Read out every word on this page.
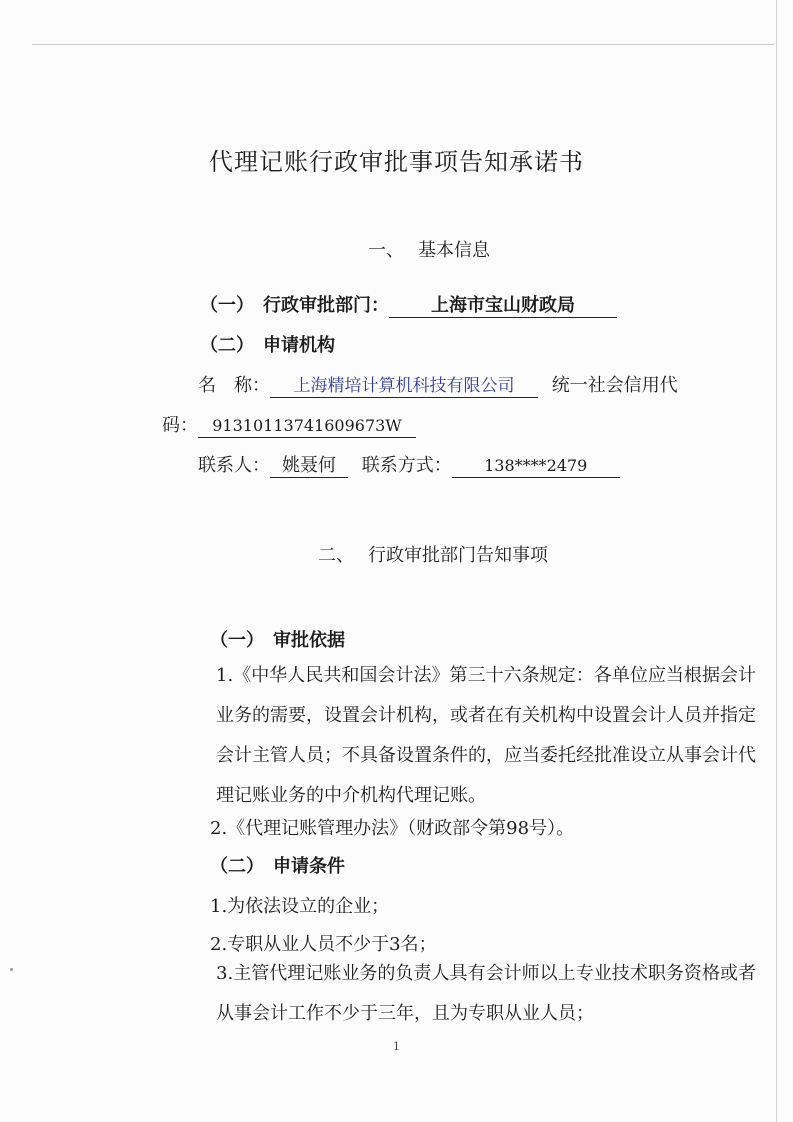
代理记账行政审批事项告知承诺书
一、 基本信息
（一）　行政审批部门： 上海市宝山财政局
（二）　申请机构
名　称： 上海精培计算机科技有限公司 统一社会信用代
码： 91310113741609673W
联系人： 姚聂何 联系方式： 138****2479
二、 行政审批部门告知事项
（一）　审批依据
1.《中华人民共和国会计法》第三十六条规定：各单位应当根据会计业务的需要，设置会计机构，或者在有关机构中设置会计人员并指定会计主管人员；不具备设置条件的，应当委托经批准设立从事会计代理记账业务的中介机构代理记账。
2.《代理记账管理办法》（财政部令第98号）。
（二）　申请条件
1.为依法设立的企业；
2.专职从业人员不少于3名；
3.主管代理记账业务的负责人具有会计师以上专业技术职务资格或者从事会计工作不少于三年，且为专职从业人员；
1
